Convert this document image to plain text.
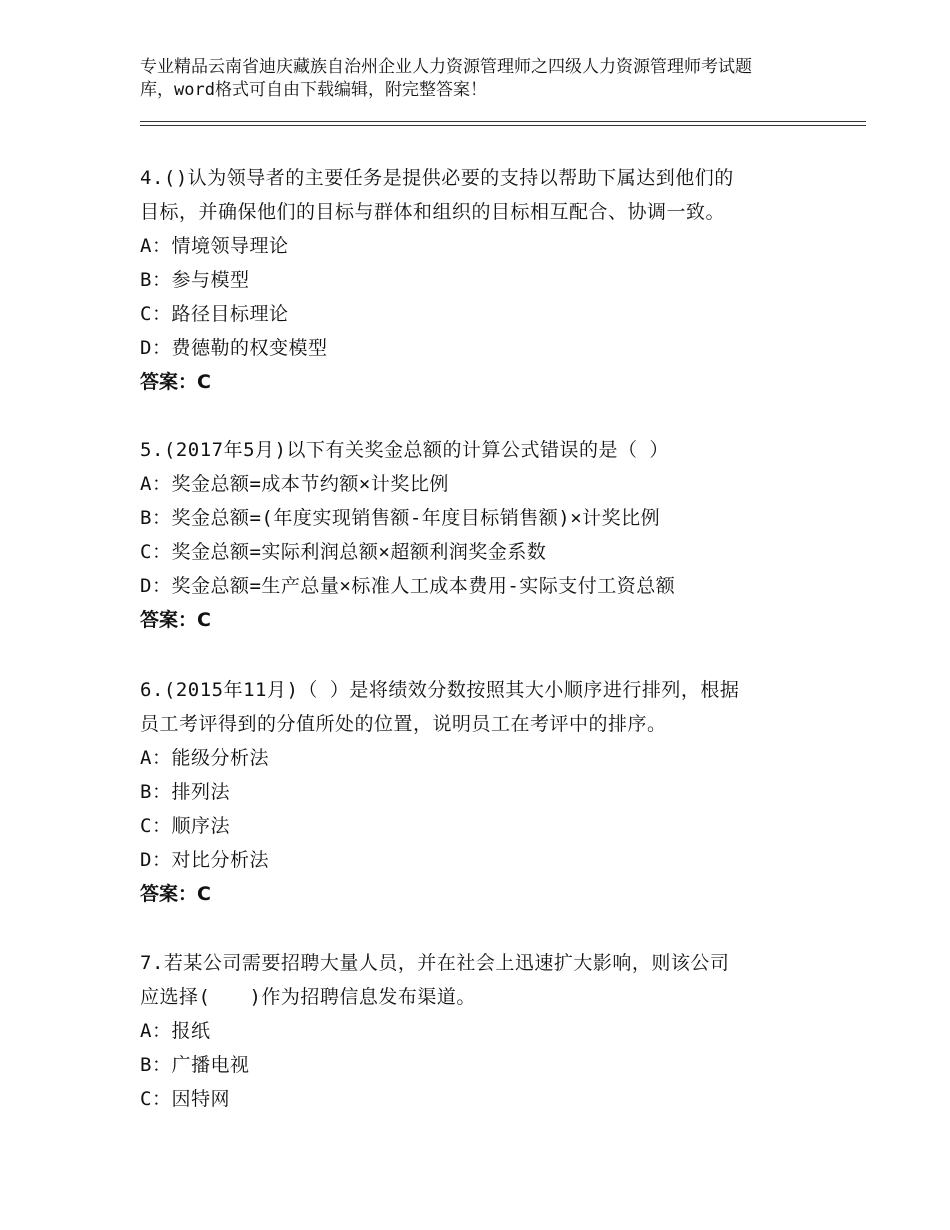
专业精品云南省迪庆藏族自治州企业人力资源管理师之四级人力资源管理师考试题
库，word格式可自由下载编辑，附完整答案！
4.()认为领导者的主要任务是提供必要的支持以帮助下属达到他们的
目标，并确保他们的目标与群体和组织的目标相互配合、协调一致。
A：情境领导理论
B：参与模型
C：路径目标理论
D：费德勒的权变模型
答案：C
5.(2017年5月)以下有关奖金总额的计算公式错误的是（ ）
A：奖金总额=成本节约额×计奖比例
B：奖金总额=(年度实现销售额-年度目标销售额)×计奖比例
C：奖金总额=实际利润总额×超额利润奖金系数
D：奖金总额=生产总量×标准人工成本费用-实际支付工资总额
答案：C
6.(2015年11月)（ ）是将绩效分数按照其大小顺序进行排列，根据
员工考评得到的分值所处的位置，说明员工在考评中的排序。
A：能级分析法
B：排列法
C：顺序法
D：对比分析法
答案：C
7.若某公司需要招聘大量人员，并在社会上迅速扩大影响，则该公司
应选择(　　)作为招聘信息发布渠道。
A：报纸
B：广播电视
C：因特网
